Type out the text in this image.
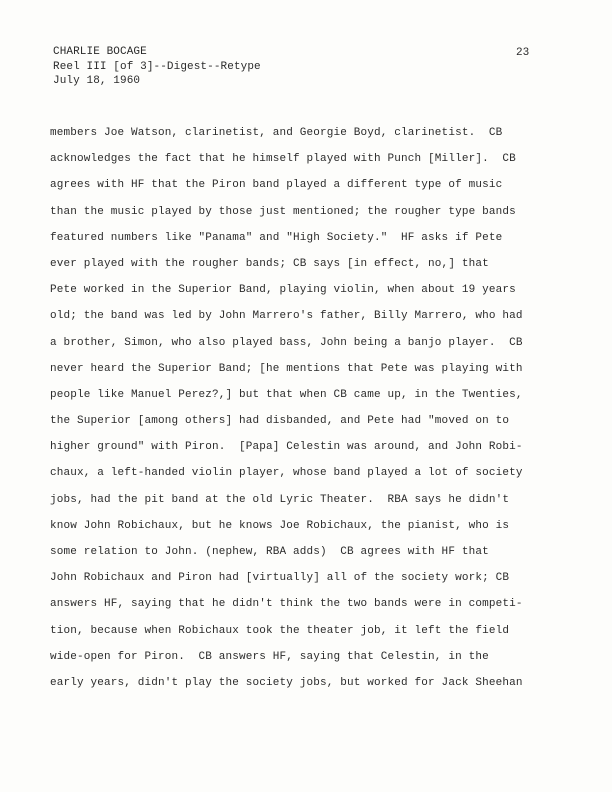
CHARLIE BOCAGE
Reel III [of 3]--Digest--Retype
July 18, 1960
23
members Joe Watson, clarinetist, and Georgie Boyd, clarinetist.  CB
acknowledges the fact that he himself played with Punch [Miller].  CB
agrees with HF that the Piron band played a different type of music
than the music played by those just mentioned; the rougher type bands
featured numbers like "Panama" and "High Society."  HF asks if Pete
ever played with the rougher bands; CB says [in effect, no,] that
Pete worked in the Superior Band, playing violin, when about 19 years
old; the band was led by John Marrero's father, Billy Marrero, who had
a brother, Simon, who also played bass, John being a banjo player.  CB
never heard the Superior Band; [he mentions that Pete was playing with
people like Manuel Perez?,] but that when CB came up, in the Twenties,
the Superior [among others] had disbanded, and Pete had "moved on to
higher ground" with Piron.  [Papa] Celestin was around, and John Robi-
chaux, a left-handed violin player, whose band played a lot of society
jobs, had the pit band at the old Lyric Theater.  RBA says he didn't
know John Robichaux, but he knows Joe Robichaux, the pianist, who is
some relation to John. (nephew, RBA adds)  CB agrees with HF that
John Robichaux and Piron had [virtually] all of the society work; CB
answers HF, saying that he didn't think the two bands were in competi-
tion, because when Robichaux took the theater job, it left the field
wide-open for Piron.  CB answers HF, saying that Celestin, in the
early years, didn't play the society jobs, but worked for Jack Sheehan
